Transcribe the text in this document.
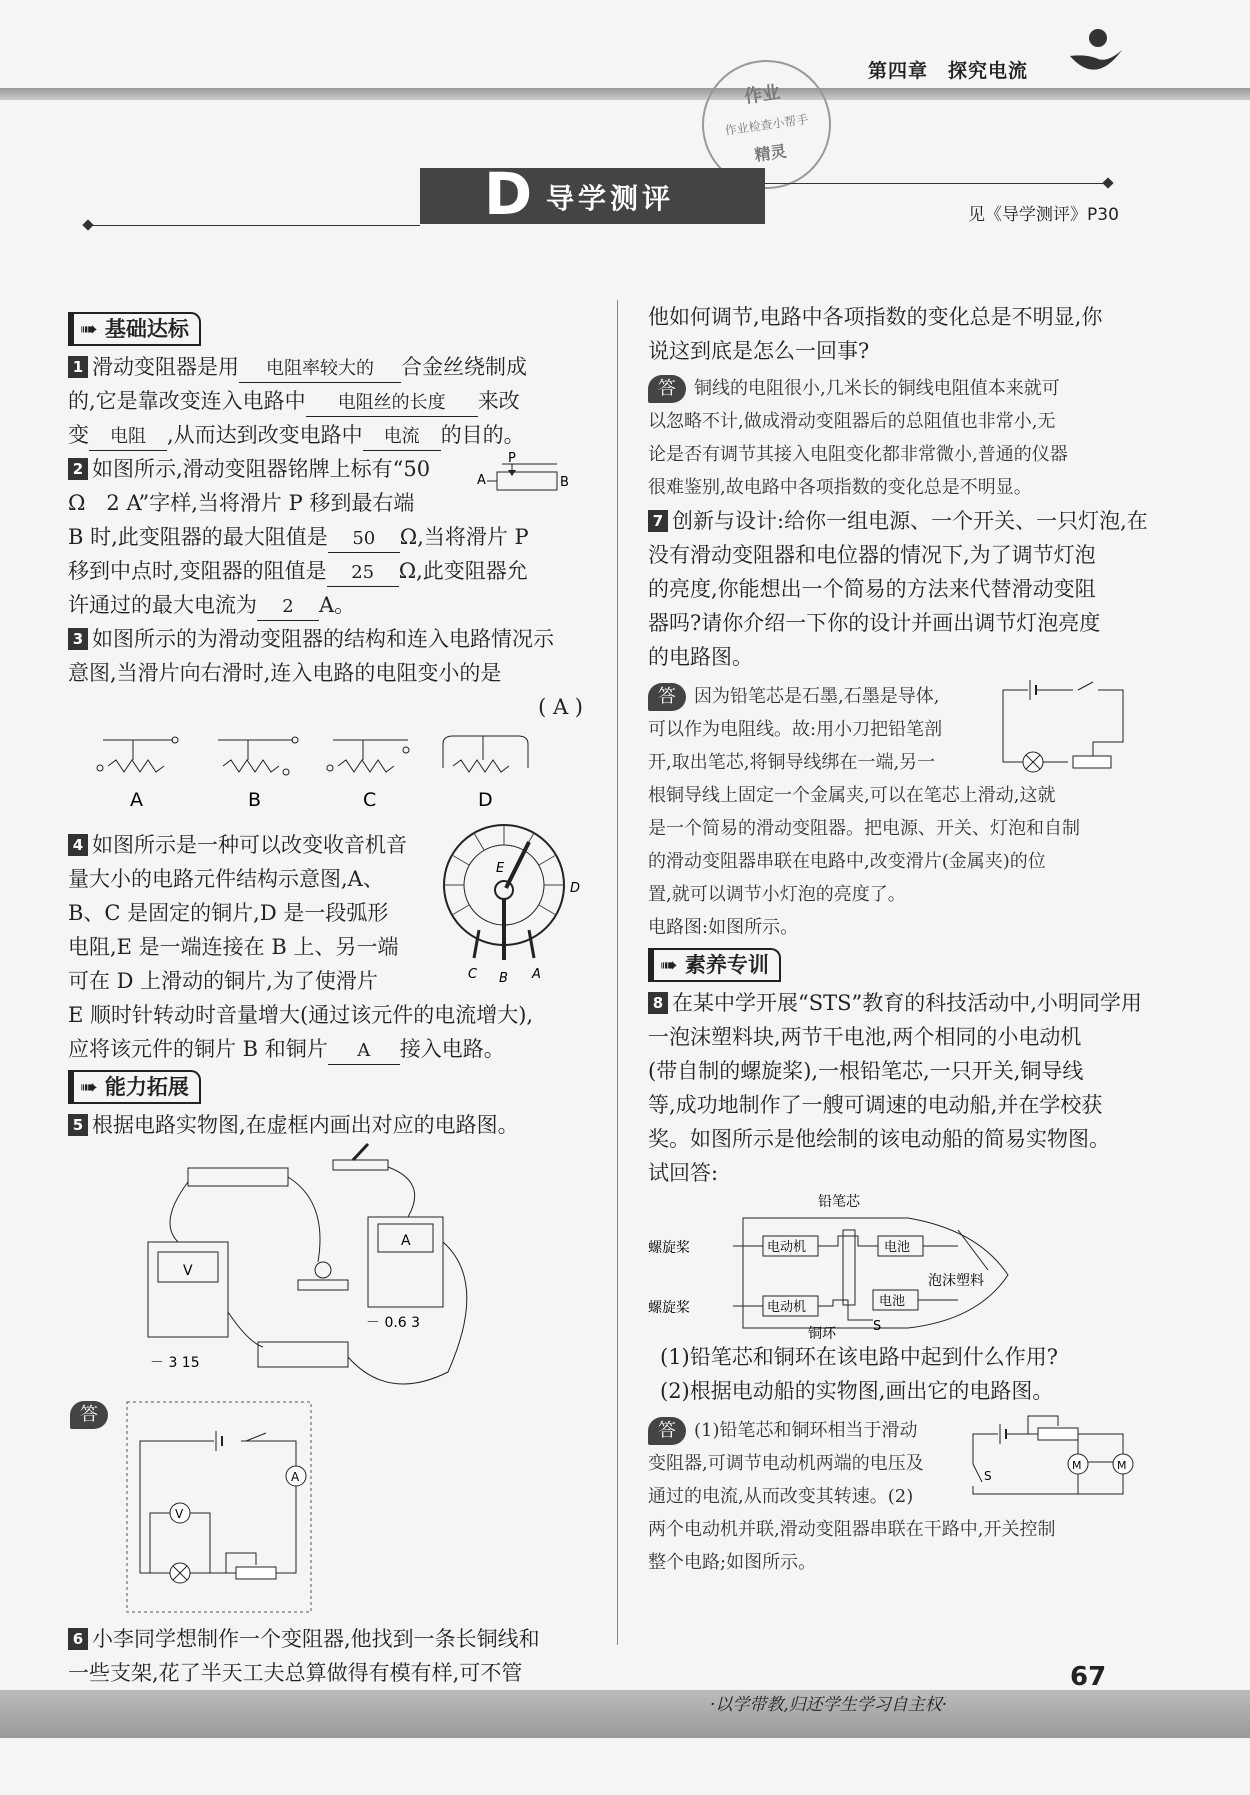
第四章　探究电流
作业
作业检查小帮手
精灵
D 导学测评	见《导学测评》P30
➠ 基础达标
1 滑动变阻器是用 电阻率较大的 合金丝绕制成
的,它是靠改变连入电路中 电阻丝的长度 来改
变 电阻 ,从而达到改变电路中 电流 的目的。
2 如图所示,滑动变阻器铭牌上标有“50
Ω　2 A”字样,当将滑片 P 移到最右端
B 时,此变阻器的最大阻值是 50 Ω,当将滑片 P
移到中点时,变阻器的阻值是 25 Ω,此变阻器允
许通过的最大电流为 2 A。
P
A	B
3 如图所示的为滑动变阻器的结构和连入电路情况示
意图,当滑片向右滑时,连入电路的电阻变小的是
( A )
A	B	C	D
4 如图所示是一种可以改变收音机音
量大小的电路元件结构示意图,A、
B、C 是固定的铜片,D 是一段弧形
电阻,E 是一端连接在 B 上、另一端
可在 D 上滑动的铜片,为了使滑片
E 顺时针转动时音量增大(通过该元件的电流增大),
应将该元件的铜片 B 和铜片 A 接入电路。
E
D
C B A
➠ 能力拓展
5 根据电路实物图,在虚框内画出对应的电路图。
V
－ 3 15
A
－ 0.6 3
答
A
V
6 小李同学想制作一个变阻器,他找到一条长铜线和
一些支架,花了半天工夫总算做得有模有样,可不管
他如何调节,电路中各项指数的变化总是不明显,你
说这到底是怎么一回事?
答 铜线的电阻很小,几米长的铜线电阻值本来就可
以忽略不计,做成滑动变阻器后的总阻值也非常小,无
论是否有调节其接入电阻变化都非常微小,普通的仪器
很难鉴别,故电路中各项指数的变化总是不明显。
7 创新与设计:给你一组电源、一个开关、一只灯泡,在
没有滑动变阻器和电位器的情况下,为了调节灯泡
的亮度,你能想出一个简易的方法来代替滑动变阻
器吗?请你介绍一下你的设计并画出调节灯泡亮度
的电路图。
答 因为铅笔芯是石墨,石墨是导体,
可以作为电阻线。故:用小刀把铅笔剖
开,取出笔芯,将铜导线绑在一端,另一
根铜导线上固定一个金属夹,可以在笔芯上滑动,这就
是一个简易的滑动变阻器。把电源、开关、灯泡和自制
的滑动变阻器串联在电路中,改变滑片(金属夹)的位
置,就可以调节小灯泡的亮度了。
电路图:如图所示。
➠ 素养专训
8 在某中学开展“STS”教育的科技活动中,小明同学用
一泡沫塑料块,两节干电池,两个相同的小电动机
(带自制的螺旋桨),一根铅笔芯,一只开关,铜导线
等,成功地制作了一艘可调速的电动船,并在学校获
奖。如图所示是他绘制的该电动船的简易实物图。
试回答:
铅笔芯
螺旋桨
螺旋桨
电动机
电动机
电池
电池
泡沫塑料
铜环	S
(1)铅笔芯和铜环在该电路中起到什么作用?
(2)根据电动船的实物图,画出它的电路图。
答 (1)铅笔芯和铜环相当于滑动
变阻器,可调节电动机两端的电压及
通过的电流,从而改变其转速。(2)
两个电动机并联,滑动变阻器串联在干路中,开关控制
整个电路;如图所示。
M	M
S
·以学带教,归还学生学习自主权·
67
